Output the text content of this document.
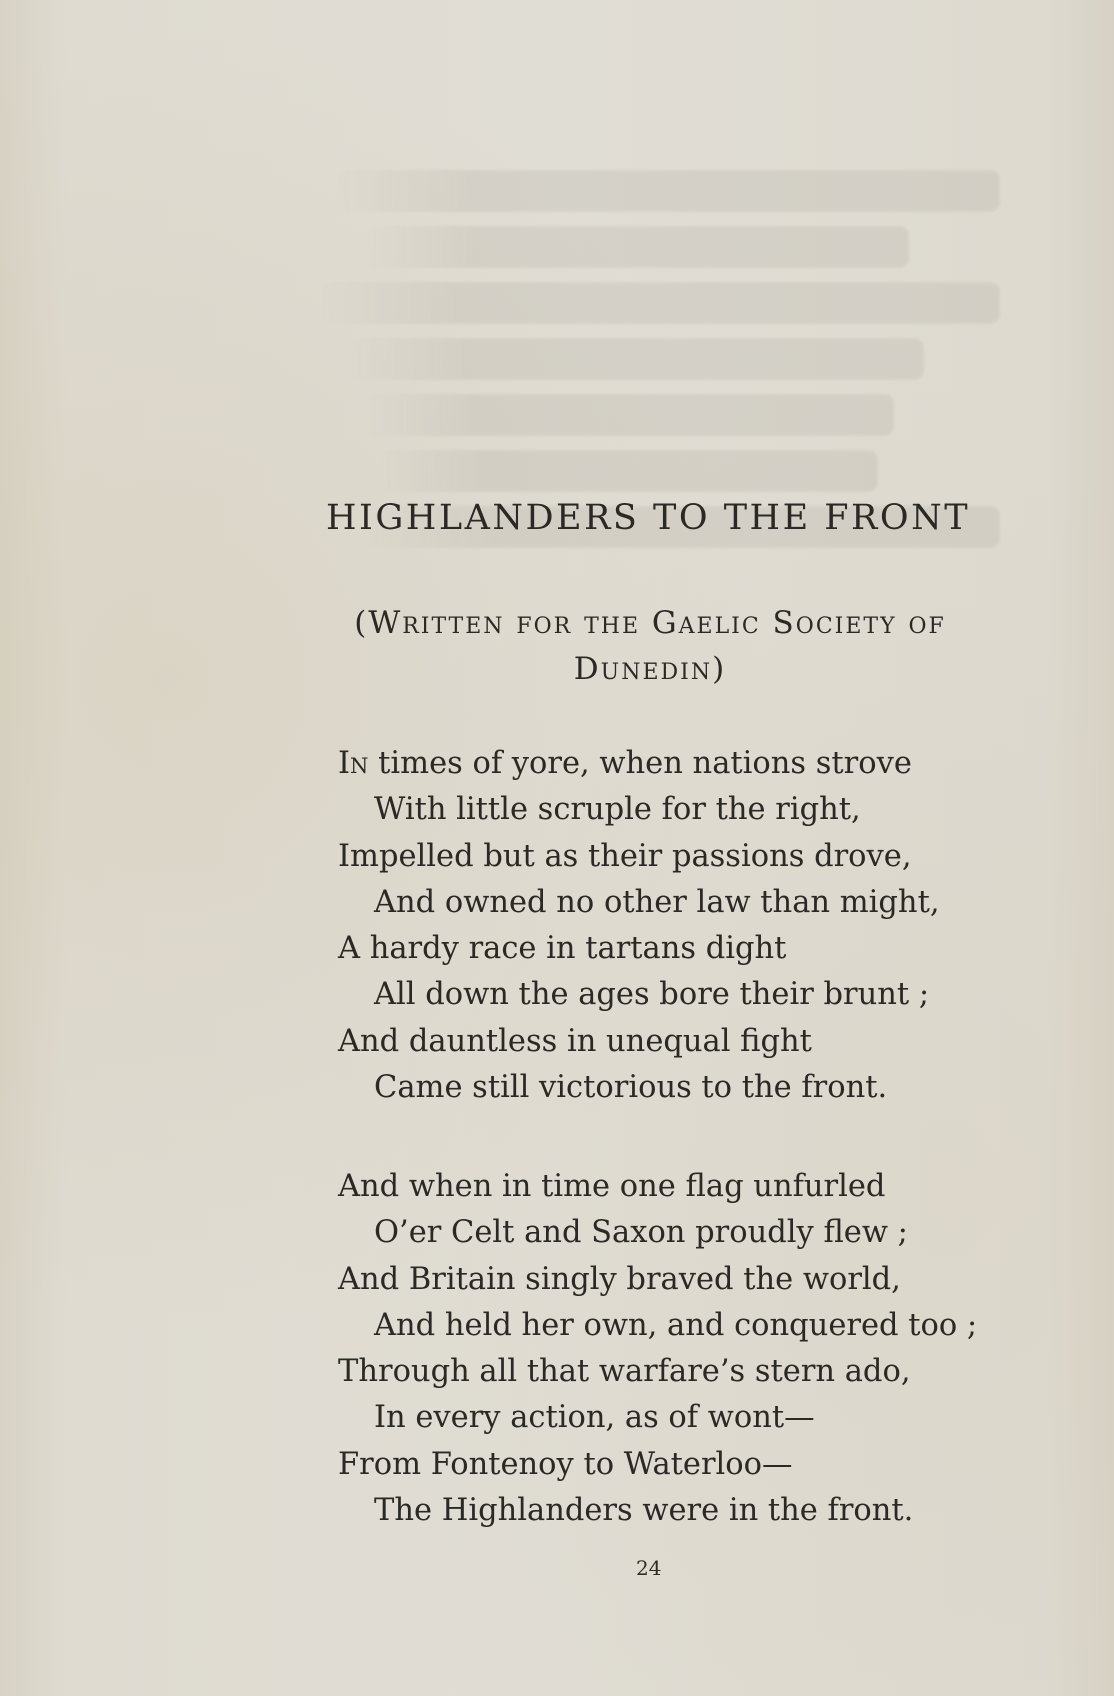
HIGHLANDERS TO THE FRONT

(Written for the Gaelic Society of Dunedin)

In times of yore, when nations strove
With little scruple for the right,
Impelled but as their passions drove,
And owned no other law than might,
A hardy race in tartans dight
All down the ages bore their brunt ;
And dauntless in unequal fight
Came still victorious to the front.
And when in time one flag unfurled
O’er Celt and Saxon proudly flew ;
And Britain singly braved the world,
And held her own, and conquered too ;
Through all that warfare’s stern ado,
In every action, as of wont—
From Fontenoy to Waterloo—
The Highlanders were in the front.

24
